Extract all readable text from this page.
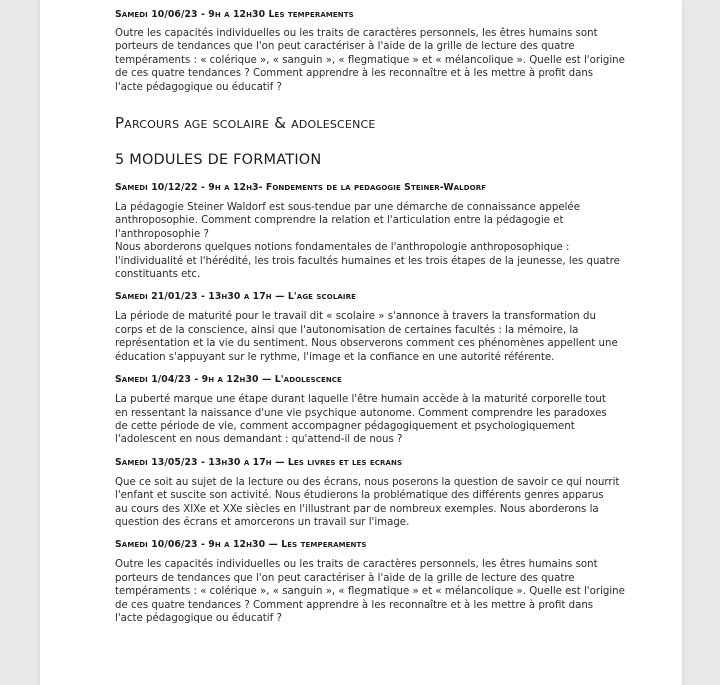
Samedi 10/06/23 - 9h a 12h30 Les temperaments

Outre les capacités individuelles ou les traits de caractères personnels, les êtres humains sont
porteurs de tendances que l'on peut caractériser à l'aide de la grille de lecture des quatre
tempéraments : « colérique », « sanguin », « flegmatique » et « mélancolique ». Quelle est l'origine
de ces quatre tendances ? Comment apprendre à les reconnaître et à les mettre à profit dans
l'acte pédagogique ou éducatif ?

Parcours age scolaire & adolescence
5 MODULES DE FORMATION

Samedi 10/12/22 - 9h a 12h3- Fondements de la pedagogie Steiner-Waldorf

La pédagogie Steiner Waldorf est sous-tendue par une démarche de connaissance appelée
anthroposophie. Comment comprendre la relation et l'articulation entre la pédagogie et
l'anthroposophie ?
Nous aborderons quelques notions fondamentales de l'anthropologie anthroposophique :
l'individualité et l'hérédité, les trois facultés humaines et les trois étapes de la jeunesse, les quatre
constituants etc.

Samedi 21/01/23 - 13h30 a 17h — L'age scolaire

La période de maturité pour le travail dit « scolaire » s'annonce à travers la transformation du
corps et de la conscience, ainsi que l'autonomisation de certaines facultés : la mémoire, la
représentation et la vie du sentiment. Nous observerons comment ces phénomènes appellent une
éducation s'appuyant sur le rythme, l'image et la confiance en une autorité référente.

Samedi 1/04/23 - 9h a 12h30 — L'adolescence

La puberté marque une étape durant laquelle l'être humain accède à la maturité corporelle tout
en ressentant la naissance d'une vie psychique autonome. Comment comprendre les paradoxes
de cette période de vie, comment accompagner pédagogiquement et psychologiquement
l'adolescent en nous demandant : qu'attend-il de nous ?

Samedi 13/05/23 - 13h30 a 17h — Les livres et les ecrans

Que ce soit au sujet de la lecture ou des écrans, nous poserons la question de savoir ce qui nourrit
l'enfant et suscite son activité. Nous étudierons la problématique des différents genres apparus
au cours des XIXe et XXe siècles en l'illustrant par de nombreux exemples. Nous aborderons la
question des écrans et amorcerons un travail sur l'image.

Samedi 10/06/23 - 9h a 12h30 — Les temperaments

Outre les capacités individuelles ou les traits de caractères personnels, les êtres humains sont
porteurs de tendances que l'on peut caractériser à l'aide de la grille de lecture des quatre
tempéraments : « colérique », « sanguin », « flegmatique » et « mélancolique ». Quelle est l'origine
de ces quatre tendances ? Comment apprendre à les reconnaître et à les mettre à profit dans
l'acte pédagogique ou éducatif ?
